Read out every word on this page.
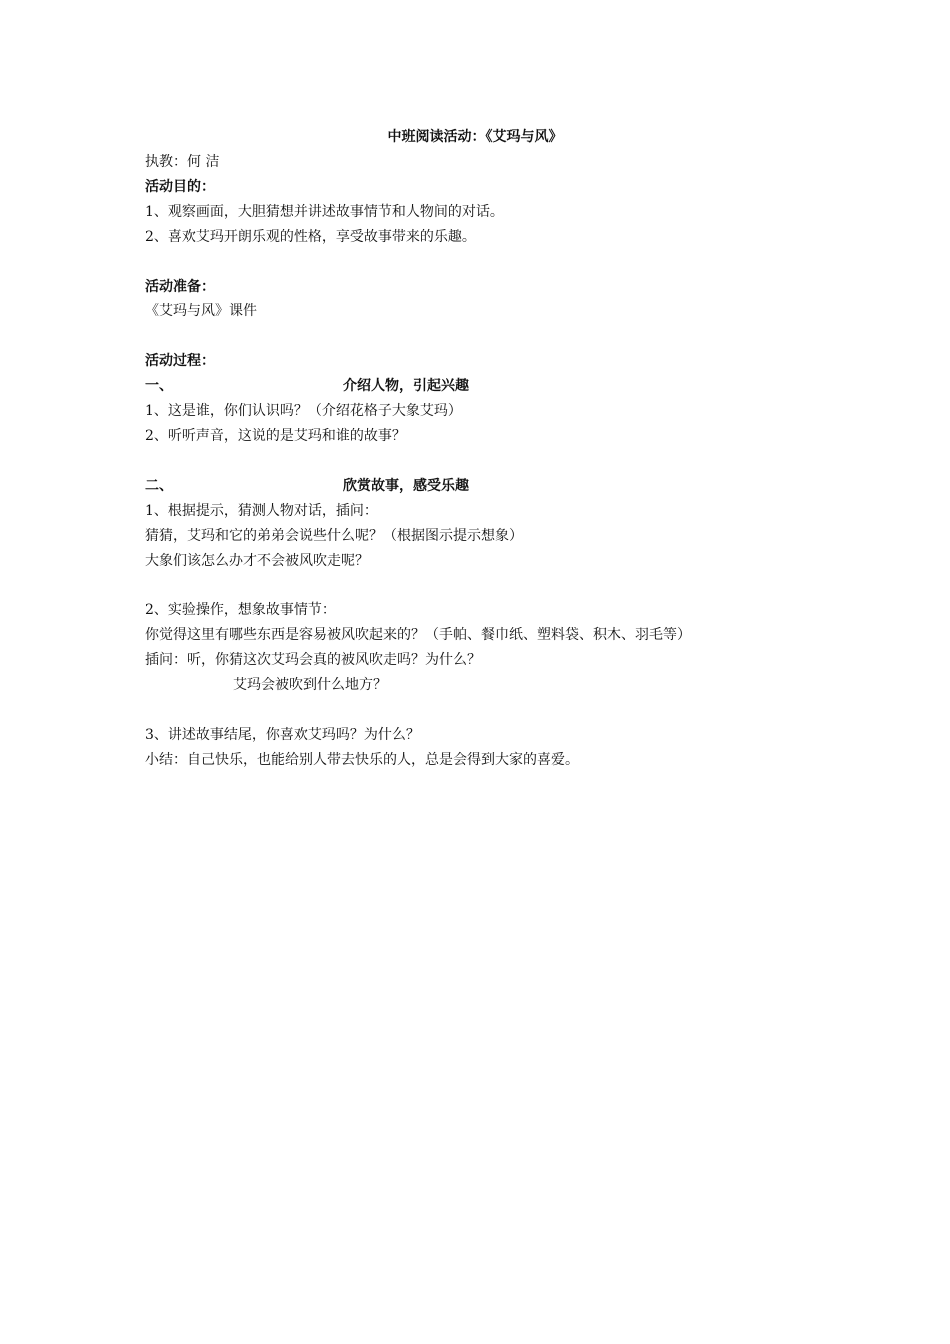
中班阅读活动：《艾玛与风》
执教：何 洁
活动目的：
1、观察画面，大胆猜想并讲述故事情节和人物间的对话。
2、喜欢艾玛开朗乐观的性格，享受故事带来的乐趣。
活动准备：
《艾玛与风》课件
活动过程：
一、	介绍人物，引起兴趣
1、这是谁，你们认识吗？（介绍花格子大象艾玛）
2、听听声音，这说的是艾玛和谁的故事？
二、	欣赏故事，感受乐趣
1、根据提示，猜测人物对话，插问：
猜猜，艾玛和它的弟弟会说些什么呢？（根据图示提示想象）
大象们该怎么办才不会被风吹走呢？
2、实验操作，想象故事情节：
你觉得这里有哪些东西是容易被风吹起来的？（手帕、餐巾纸、塑料袋、积木、羽毛等）
插问：听，你猜这次艾玛会真的被风吹走吗？为什么？
艾玛会被吹到什么地方？
3、讲述故事结尾，你喜欢艾玛吗？为什么？
小结：自己快乐，也能给别人带去快乐的人，总是会得到大家的喜爱。
